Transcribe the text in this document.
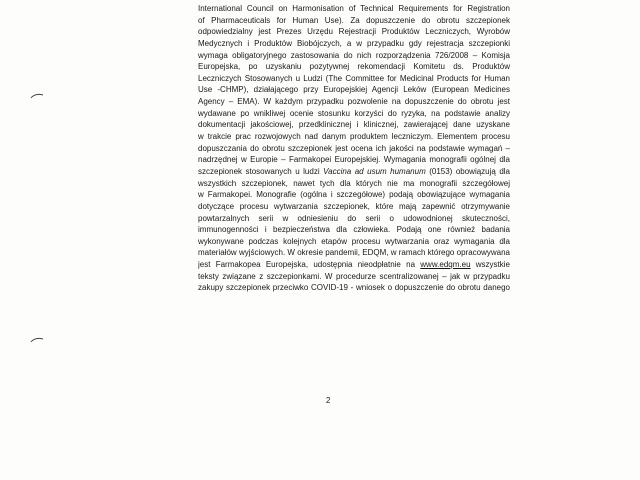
International Council on Harmonisation of Technical Requirements for Registration
of Pharmaceuticals for Human Use). Za dopuszczenie do obrotu szczepionek
odpowiedzialny jest Prezes Urzędu Rejestracji Produktów Leczniczych, Wyrobów
Medycznych i Produktów Biobójczych, a w przypadku gdy rejestracja szczepionki
wymaga obligatoryjnego zastosowania do nich rozporządzenia 726/2008 – Komisja
Europejska, po uzyskaniu pozytywnej rekomendacji Komitetu ds. Produktów
Leczniczych Stosowanych u Ludzi (The Committee for Medicinal Products for Human
Use -CHMP), działającego przy Europejskiej Agencji Leków (European Medicines
Agency – EMA). W każdym przypadku pozwolenie na dopuszczenie do obrotu jest
wydawane po wnikliwej ocenie stosunku korzyści do ryzyka, na podstawie analizy
dokumentacji jakościowej, przedklinicznej i klinicznej, zawierającej dane uzyskane
w trakcie prac rozwojowych nad danym produktem leczniczym. Elementem procesu
dopuszczania do obrotu szczepionek jest ocena ich jakości na podstawie wymagań –
nadrzędnej w Europie – Farmakopei Europejskiej. Wymagania monografii ogólnej dla
szczepionek stosowanych u ludzi Vaccina ad usum humanum (0153) obowiązują dla
wszystkich szczepionek, nawet tych dla których nie ma monografii szczegółowej
w Farmakopei. Monografie (ogólna i szczegółowe) podają obowiązujące wymagania
dotyczące procesu wytwarzania szczepionek, które mają zapewnić otrzymywanie
powtarzalnych serii w odniesieniu do serii o udowodnionej skuteczności,
immunogenności i bezpieczeństwa dla człowieka. Podają one również badania
wykonywane podczas kolejnych etapów procesu wytwarzania oraz wymagania dla
materiałów wyjściowych. W okresie pandemii, EDQM, w ramach którego opracowywana
jest Farmakopea Europejska, udostępnia nieodpłatnie na www.edqm.eu wszystkie
teksty związane z szczepionkami. W procedurze scentralizowanej – jak w przypadku
zakupy szczepionek przeciwko COVID-19 - wniosek o dopuszczenie do obrotu danego
2
